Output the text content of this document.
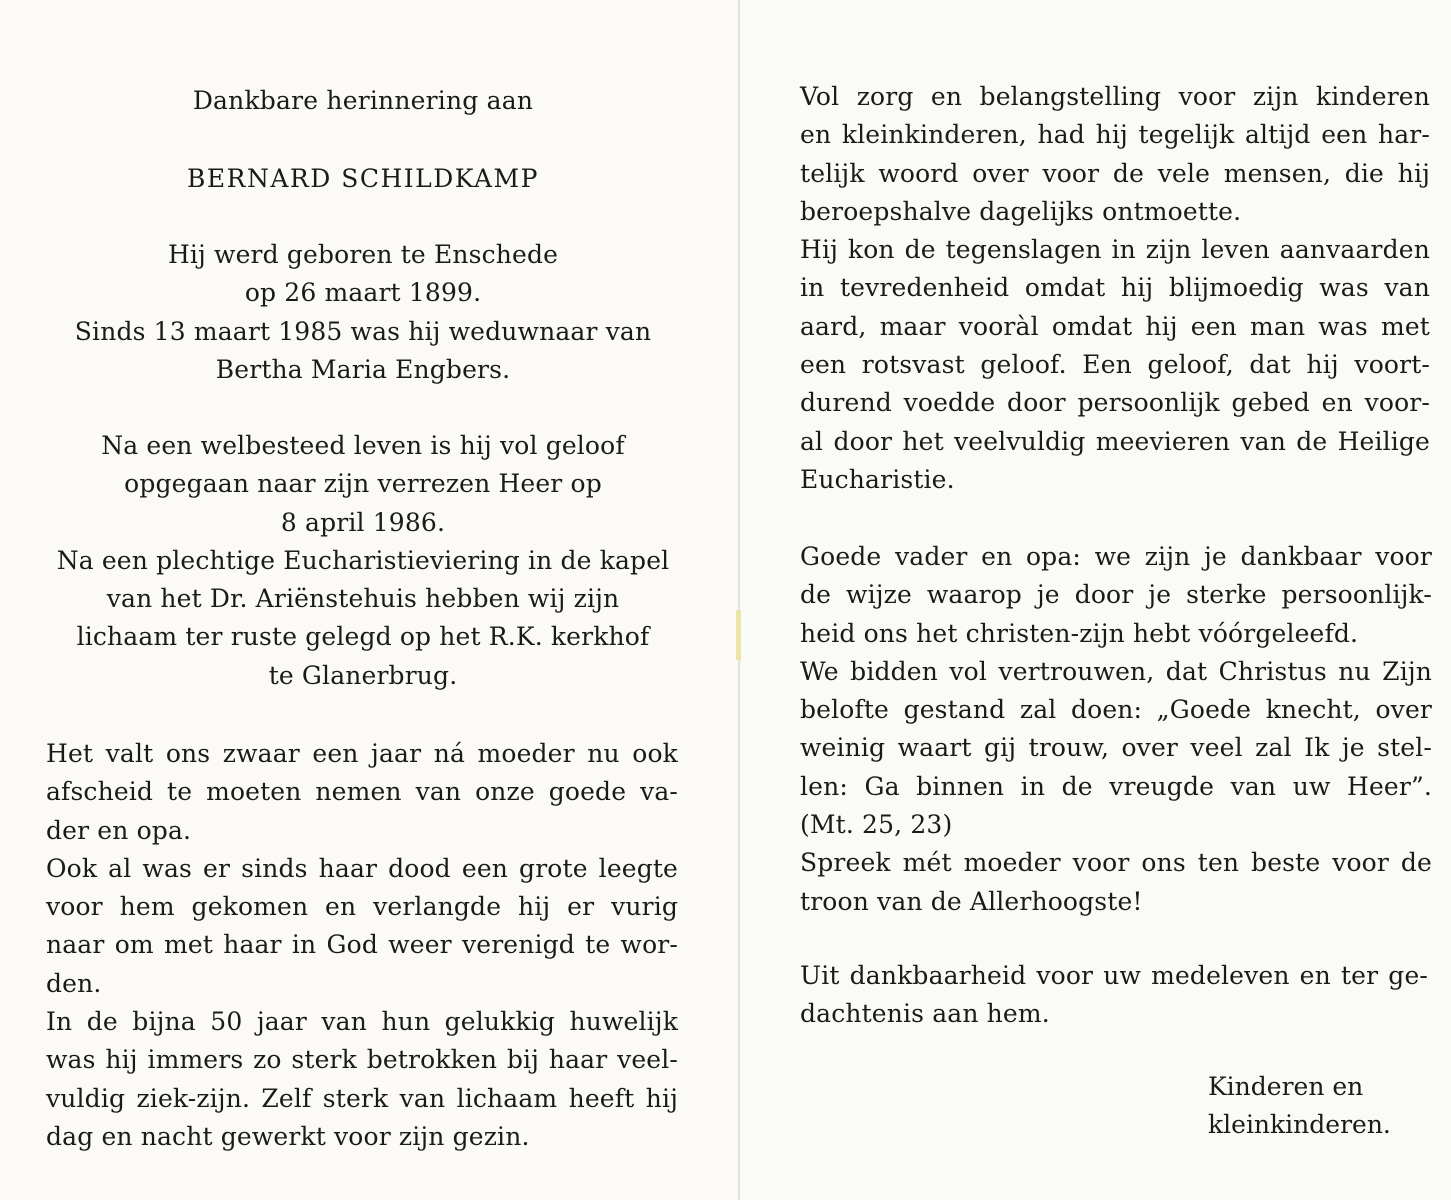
Dankbare herinnering aan
BERNARD SCHILDKAMP
Hij werd geboren te Enschede
op 26 maart 1899.
Sinds 13 maart 1985 was hij weduwnaar van
Bertha Maria Engbers.
Na een welbesteed leven is hij vol geloof
opgegaan naar zijn verrezen Heer op
8 april 1986.
Na een plechtige Eucharistieviering in de kapel
van het Dr. Ariënstehuis hebben wij zijn
lichaam ter ruste gelegd op het R.K. kerkhof
te Glanerbrug.
Het valt ons zwaar een jaar ná moeder nu ook
afscheid te moeten nemen van onze goede va-
der en opa.
Ook al was er sinds haar dood een grote leegte
voor hem gekomen en verlangde hij er vurig
naar om met haar in God weer verenigd te wor-
den.
In de bijna 50 jaar van hun gelukkig huwelijk
was hij immers zo sterk betrokken bij haar veel-
vuldig ziek-zijn. Zelf sterk van lichaam heeft hij
dag en nacht gewerkt voor zijn gezin.
Vol zorg en belangstelling voor zijn kinderen
en kleinkinderen, had hij tegelijk altijd een har-
telijk woord over voor de vele mensen, die hij
beroepshalve dagelijks ontmoette.
Hij kon de tegenslagen in zijn leven aanvaarden
in tevredenheid omdat hij blijmoedig was van
aard, maar vooràl omdat hij een man was met
een rotsvast geloof. Een geloof, dat hij voort-
durend voedde door persoonlijk gebed en voor-
al door het veelvuldig meevieren van de Heilige
Eucharistie.
Goede vader en opa: we zijn je dankbaar voor
de wijze waarop je door je sterke persoonlijk-
heid ons het christen-zijn hebt vóórgeleefd.
We bidden vol vertrouwen, dat Christus nu Zijn
belofte gestand zal doen: „Goede knecht, over
weinig waart gij trouw, over veel zal Ik je stel-
len: Ga binnen in de vreugde van uw Heer”.
(Mt. 25, 23)
Spreek mét moeder voor ons ten beste voor de
troon van de Allerhoogste!
Uit dankbaarheid voor uw medeleven en ter ge-
dachtenis aan hem.
Kinderen en
kleinkinderen.
